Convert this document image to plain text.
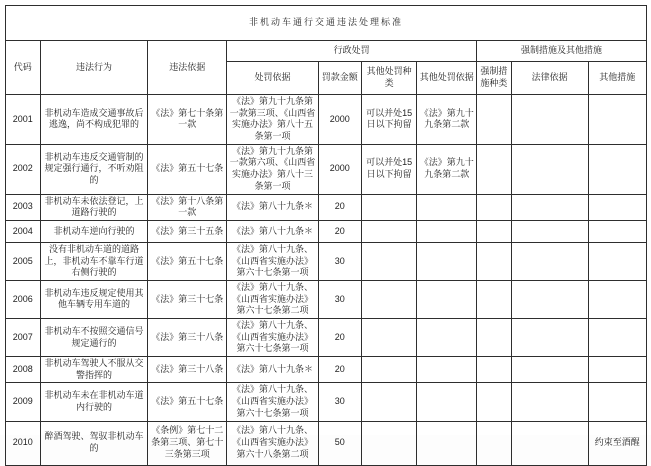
非机动车通行交通违法处理标准									
代码	违法行为	违法依据	行政处罚				强制措施及其他措施		
			处罚依据	罚款金额	其他处罚种类	其他处罚依据	强制措施种类	法律依据	其他措施
2001	非机动车造成交通事故后逃逸，尚不构成犯罪的	《法》第七十条第一款	《法》第九十九条第一款第三项、《山西省实施办法》第八十五条第一项	2000	可以并处15日以下拘留	《法》第九十九条第二款			
2002	非机动车违反交通管制的规定强行通行，不听劝阻的	《法》第五十七条	《法》第九十九条第一款第六项、《山西省实施办法》第八十三条第一项	2000	可以并处15日以下拘留	《法》第九十九条第二款			
2003	非机动车未依法登记，上道路行驶的	《法》第十八条第一款	《法》第八十九条＊	20					
2004	非机动车逆向行驶的	《法》第三十五条	《法》第八十九条＊	20					
2005	没有非机动车道的道路上，非机动车不靠车行道右侧行驶的	《法》第五十七条	《法》第八十九条、《山西省实施办法》第六十七条第一项	30					
2006	非机动车违反规定使用其他车辆专用车道的	《法》第三十七条	《法》第八十九条、《山西省实施办法》第六十七条第二项	30					
2007	非机动车不按照交通信号规定通行的	《法》第三十八条	《法》第八十九条、《山西省实施办法》第六十七条第一项	20					
2008	非机动车驾驶人不服从交警指挥的	《法》第三十八条	《法》第八十九条＊	20					
2009	非机动车未在非机动车道内行驶的	《法》第五十七条	《法》第八十九条、《山西省实施办法》第六十七条第一项	30					
2010	醉酒驾驶、驾驭非机动车的	《条例》第七十二条第三项、第七十三条第三项	《法》第八十九条、《山西省实施办法》第六十八条第二项	50					约束至酒醒
